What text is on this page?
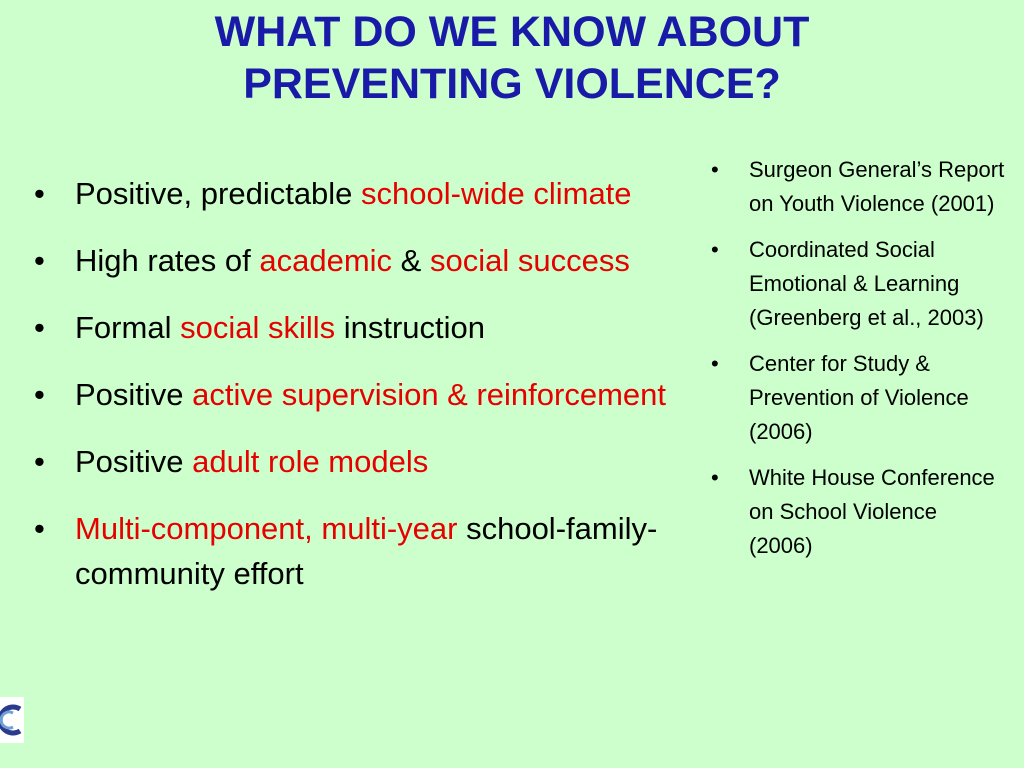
WHAT DO WE KNOW ABOUT
PREVENTING VIOLENCE?
• Positive, predictable school-wide climate
• High rates of academic & social success
• Formal social skills instruction
• Positive active supervision & reinforcement
• Positive adult role models
• Multi-component, multi-year school-family-community effort
• Surgeon General’s Report on Youth Violence (2001)
• Coordinated Social Emotional & Learning (Greenberg et al., 2003)
• Center for Study & Prevention of Violence (2006)
• White House Conference on School Violence (2006)
